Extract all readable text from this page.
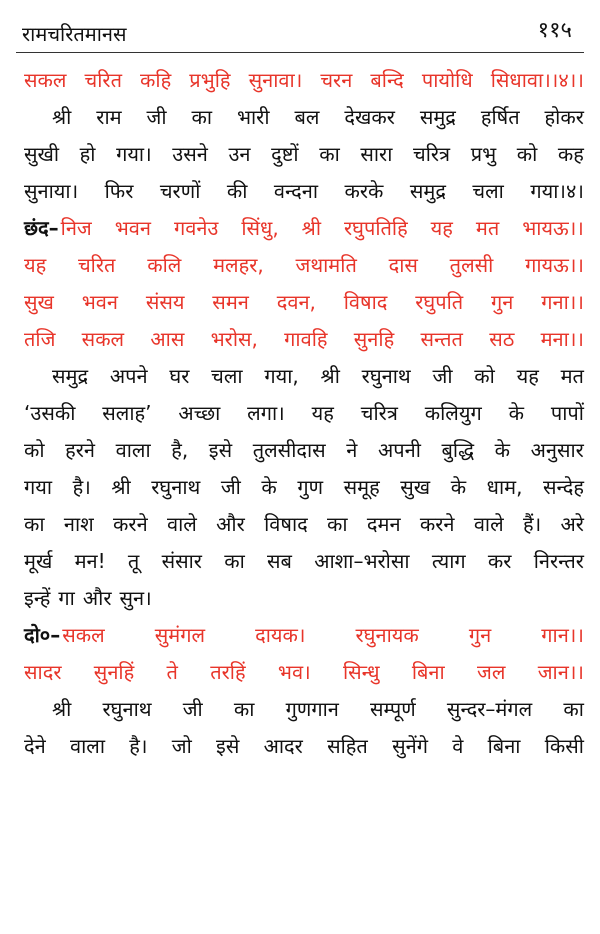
रामचरितमानस	११५
सकल चरित कहि प्रभुहि सुनावा। चरन बन्दि पायोधि सिधावा।।४।।
श्री राम जी का भारी बल देखकर समुद्र हर्षित होकर
सुखी हो गया। उसने उन दुष्टों का सारा चरित्र प्रभु को कह
सुनाया। फिर चरणों की वन्दना करके समुद्र चला गया।४।
छंद– निज भवन गवनेउ सिंधु, श्री रघुपतिहि यह मत भायऊ।।
यह चरित कलि मलहर, जथामति दास तुलसी गायऊ।।
सुख भवन संसय समन दवन, विषाद रघुपति गुन गना।।
तजि सकल आस भरोस, गावहि सुनहि सन्तत सठ मना।।
समुद्र अपने घर चला गया, श्री रघुनाथ जी को यह मत
‘उसकी सलाह’ अच्छा लगा। यह चरित्र कलियुग के पापों
को हरने वाला है, इसे तुलसीदास ने अपनी बुद्धि के अनुसार
गया है। श्री रघुनाथ जी के गुण समूह सुख के धाम, सन्देह
का नाश करने वाले और विषाद का दमन करने वाले हैं। अरे
मूर्ख मन! तू संसार का सब आशा–भरोसा त्याग कर निरन्तर
इन्हें गा और सुन।
दो०– सकल	सुमंगल	दायक।	रघुनायक	गुन	गान।।
सादर सुनहिं ते तरहिं भव। सिन्धु बिना जल जान।।
श्री रघुनाथ जी का गुणगान सम्पूर्ण सुन्दर–मंगल का
देने वाला है। जो इसे आदर सहित सुनेंगे वे बिना किसी
